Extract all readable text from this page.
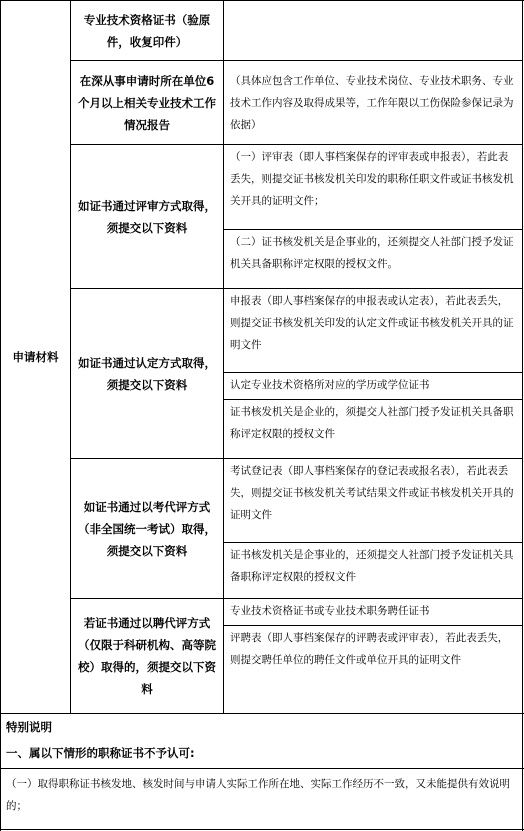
申请材料
专业技术资格证书（验原件，收复印件）
在深从事申请时所在单位6个月以上相关专业技术工作情况报告
（具体应包含工作单位、专业技术岗位、专业技术职务、专业技术工作内容及取得成果等，工作年限以工伤保险参保记录为依据）
如证书通过评审方式取得，须提交以下资料
（一）评审表（即人事档案保存的评审表或申报表），若此表丢失，则提交证书核发机关印发的职称任职文件或证书核发机关开具的证明文件；
（二）证书核发机关是企事业的，还须提交人社部门授予发证机关具备职称评定权限的授权文件。
如证书通过认定方式取得，须提交以下资料
申报表（即人事档案保存的申报表或认定表），若此表丢失，则提交证书核发机关印发的认定文件或证书核发机关开具的证明文件
认定专业技术资格所对应的学历或学位证书
证书核发机关是企业的，须提交人社部门授予发证机关具备职称评定权限的授权文件
如证书通过以考代评方式（非全国统一考试）取得，须提交以下资料
考试登记表（即人事档案保存的登记表或报名表），若此表丢失，则提交证书核发机关考试结果文件或证书核发机关开具的证明文件
证书核发机关是企事业的，还须提交人社部门授予发证机关具备职称评定权限的授权文件
若证书通过以聘代评方式（仅限于科研机构、高等院校）取得的，须提交以下资料
专业技术资格证书或专业技术职务聘任证书
评聘表（即人事档案保存的评聘表或评审表），若此表丢失，则提交聘任单位的聘任文件或单位开具的证明文件
特别说明
一、属以下情形的职称证书不予认可:
（一）取得职称证书核发地、核发时间与申请人实际工作所在地、实际工作经历不一致，又未能提供有效说明的；
